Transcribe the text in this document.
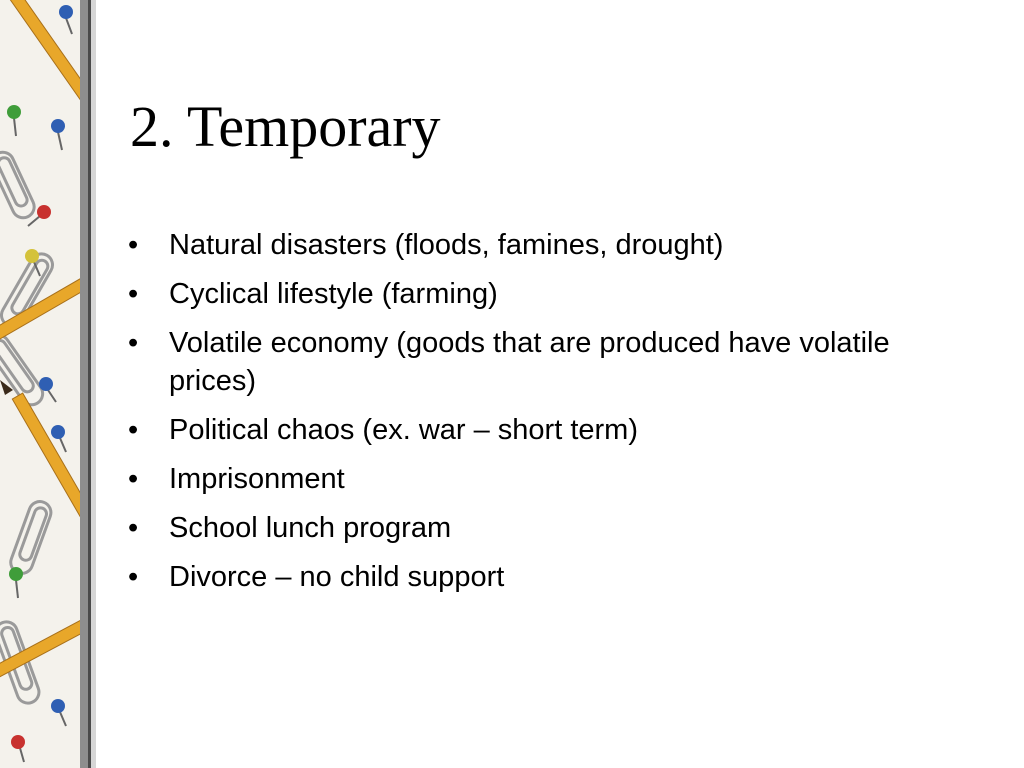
2. Temporary
•	Natural disasters (floods, famines, drought)
•	Cyclical lifestyle (farming)
•	Volatile economy (goods that are produced have volatile prices)
•	Political chaos (ex. war – short term)
•	Imprisonment
•	School lunch program
•	Divorce – no child support
